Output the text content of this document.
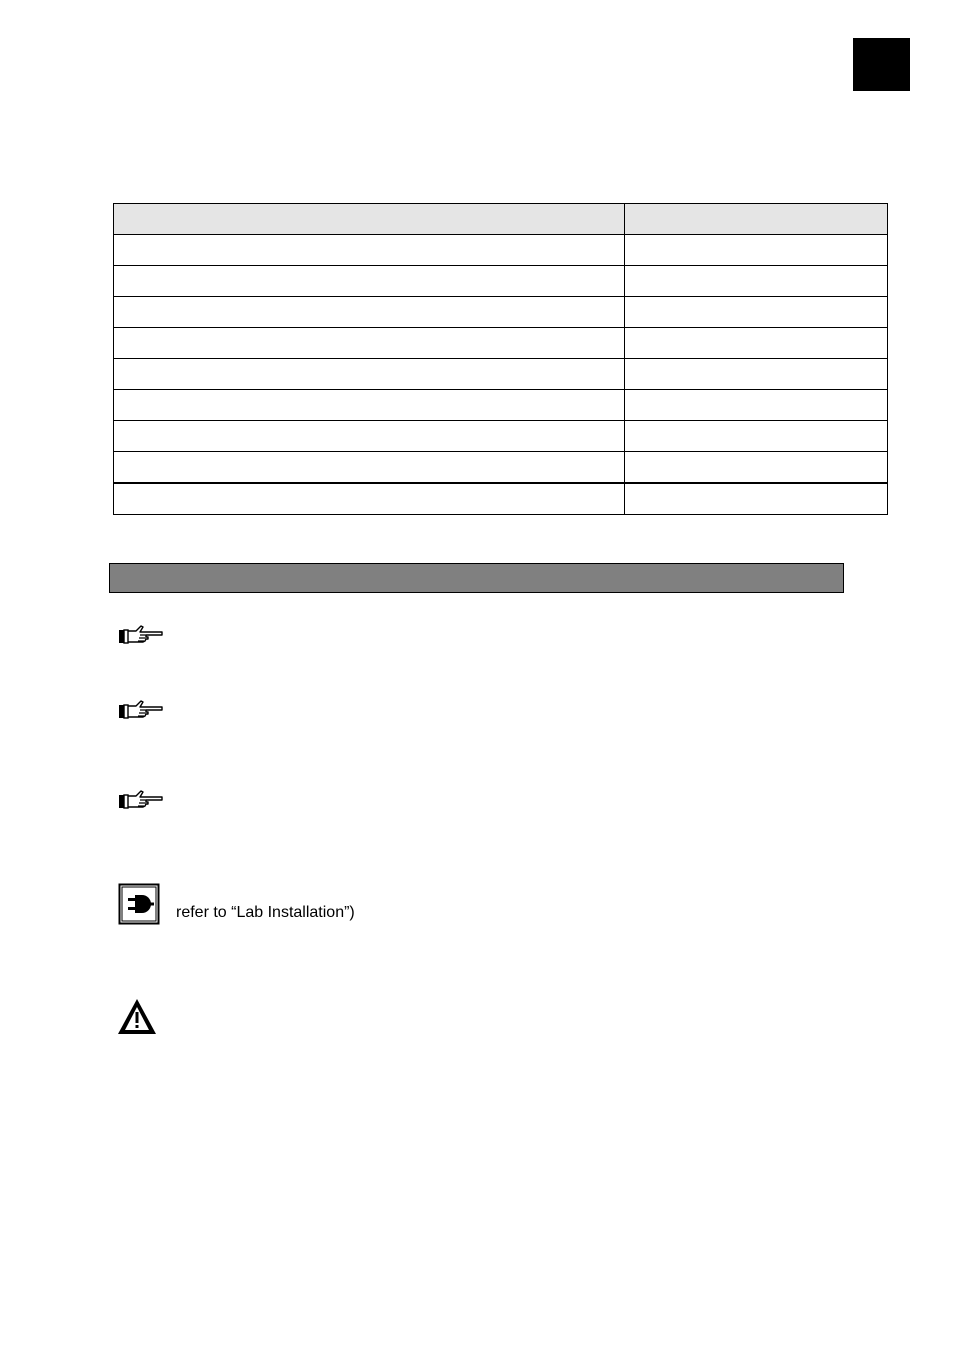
refer to “Lab Installation”)
